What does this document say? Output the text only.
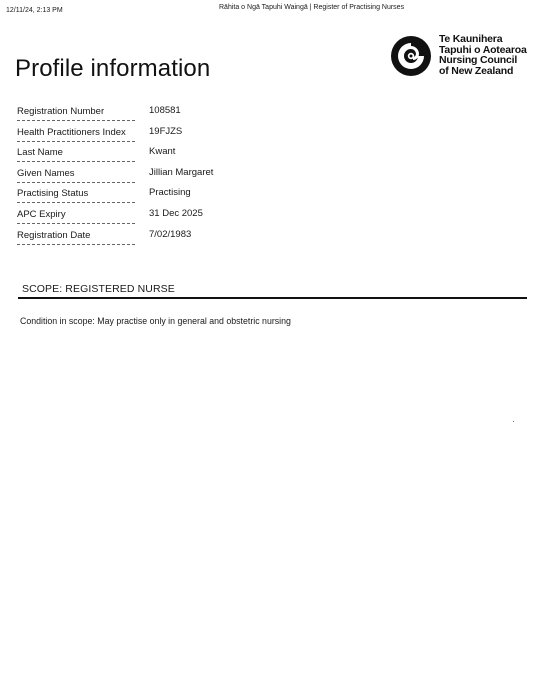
12/11/24, 2:13 PM	Rāhita o Ngā Tapuhi Waingā | Register of Practising Nurses
Te Kaunihera
Tapuhi o Aotearoa
Nursing Council
of New Zealand
Profile information
Registration Number	108581
Health Practitioners Index	19FJZS
Last Name	Kwant
Given Names	Jillian Margaret
Practising Status	Practising
APC Expiry	31 Dec 2025
Registration Date	7/02/1983
SCOPE: REGISTERED NURSE
Condition in scope: May practise only in general and obstetric nursing
